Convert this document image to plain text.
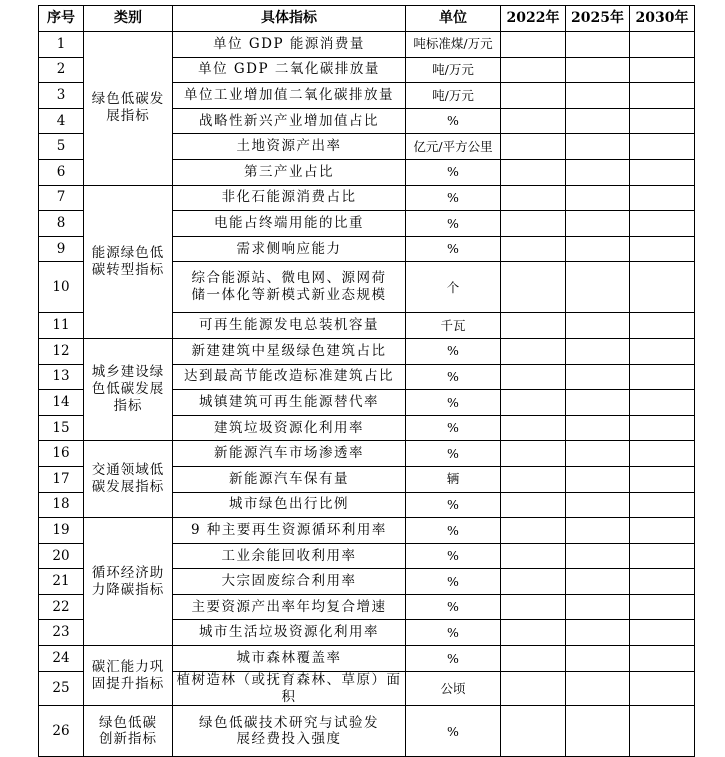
序号	类别	具体指标	单位	2022年	2025年	2030年
1	绿色低碳发展指标	单位 GDP 能源消费量	吨标准煤/万元			
2		单位 GDP 二氧化碳排放量	吨/万元			
3		单位工业增加值二氧化碳排放量	吨/万元			
4		战略性新兴产业增加值占比	%			
5		土地资源产出率	亿元/平方公里			
6		第三产业占比	%			
7	能源绿色低碳转型指标	非化石能源消费占比	%			
8		电能占终端用能的比重	%			
9		需求侧响应能力	%			
10		综合能源站、微电网、源网荷储一体化等新模式新业态规模	个			
11		可再生能源发电总装机容量	千瓦			
12	城乡建设绿色低碳发展指标	新建建筑中星级绿色建筑占比	%			
13		达到最高节能改造标准建筑占比	%			
14		城镇建筑可再生能源替代率	%			
15		建筑垃圾资源化利用率	%			
16	交通领域低碳发展指标	新能源汽车市场渗透率	%			
17		新能源汽车保有量	辆			
18		城市绿色出行比例	%			
19	循环经济助力降碳指标	9 种主要再生资源循环利用率	%			
20		工业余能回收利用率	%			
21		大宗固废综合利用率	%			
22		主要资源产出率年均复合增速	%			
23		城市生活垃圾资源化利用率	%			
24	碳汇能力巩固提升指标	城市森林覆盖率	%			
25		植树造林（或抚育森林、草原）面积	公顷			
26	绿色低碳创新指标	绿色低碳技术研究与试验发展经费投入强度	%			
